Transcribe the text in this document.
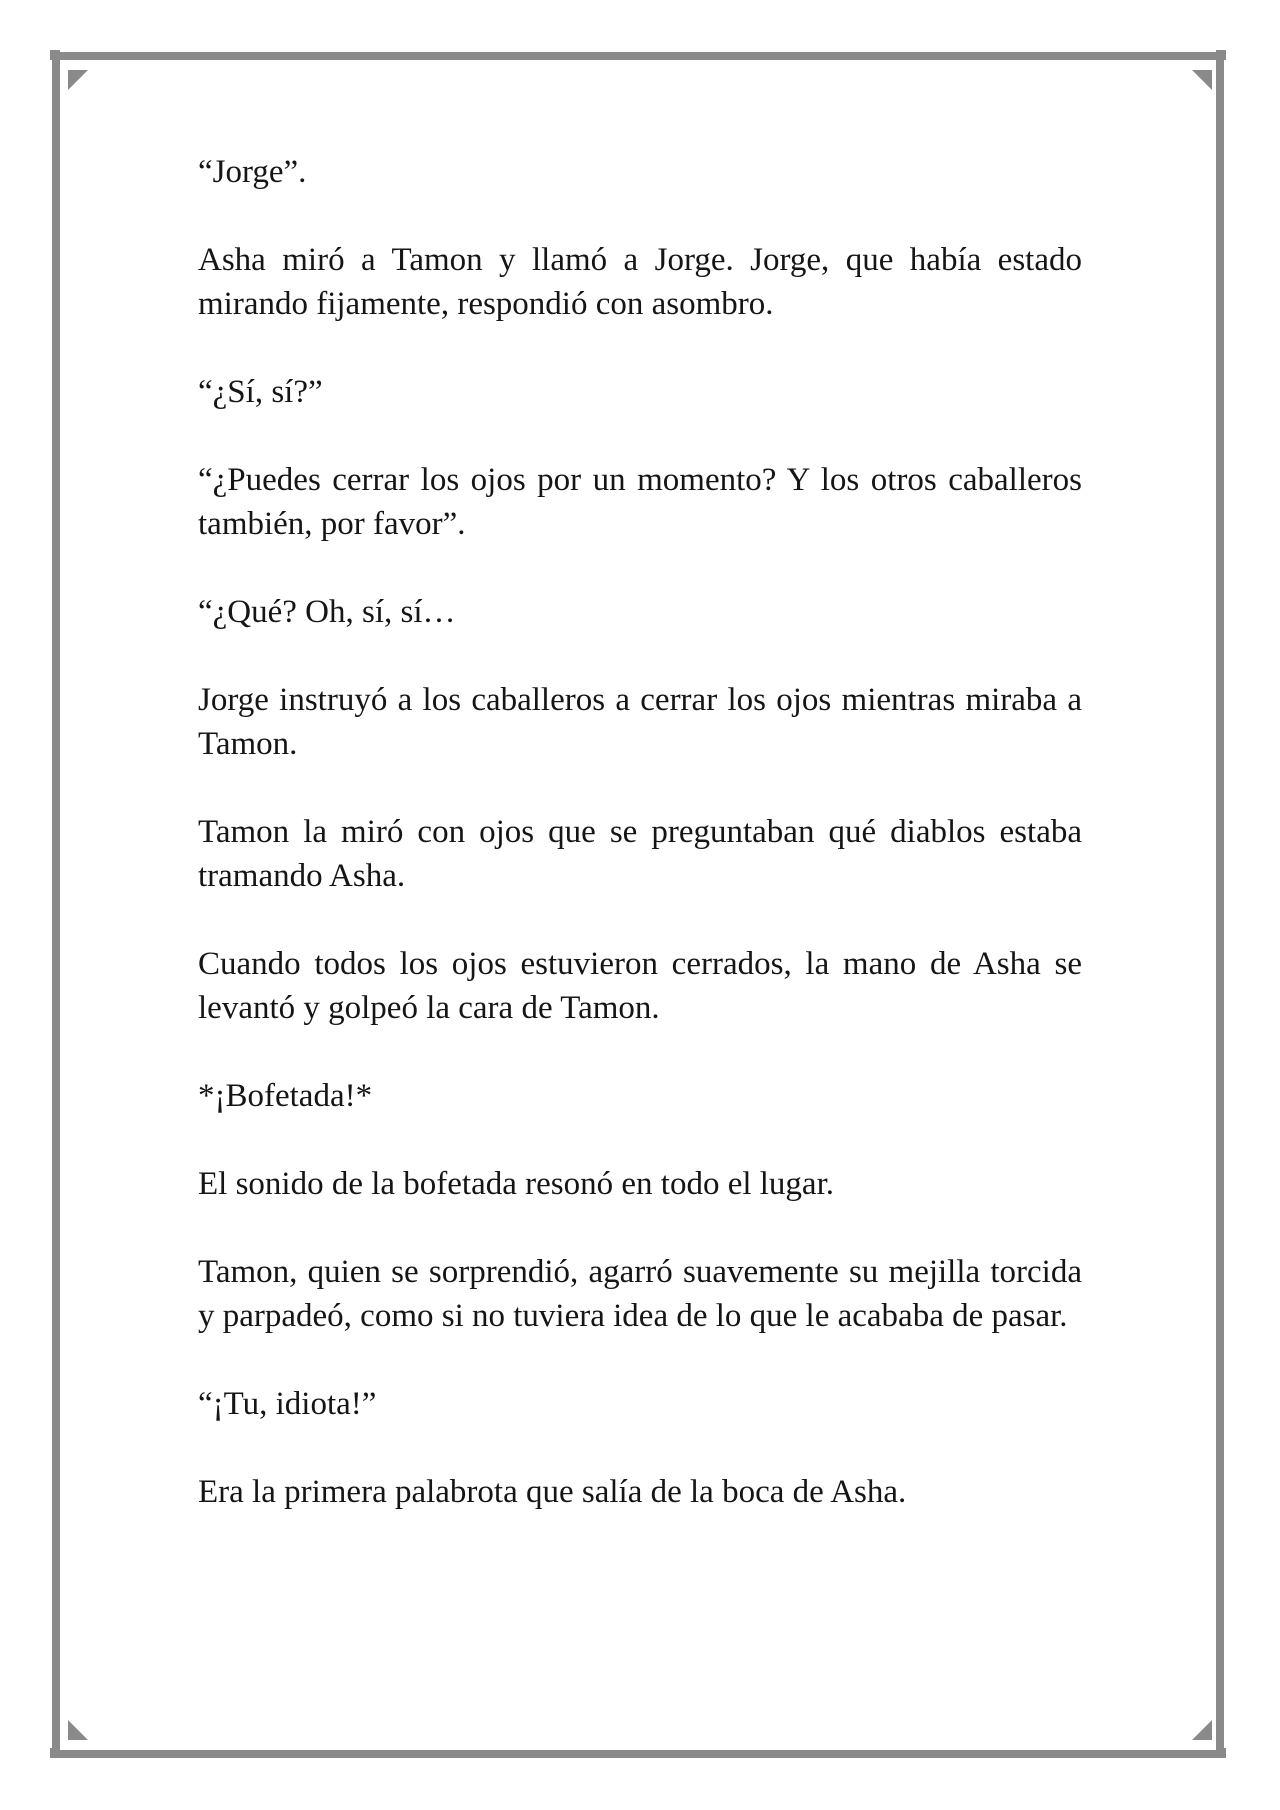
“Jorge”.

Asha miró a Tamon y llamó a Jorge. Jorge, que había estado mirando fijamente, respondió con asombro.

“¿Sí, sí?”

“¿Puedes cerrar los ojos por un momento? Y los otros caballeros también, por favor”.

“¿Qué? Oh, sí, sí…

Jorge instruyó a los caballeros a cerrar los ojos mientras miraba a Tamon.

Tamon la miró con ojos que se preguntaban qué diablos estaba tramando Asha.

Cuando todos los ojos estuvieron cerrados, la mano de Asha se levantó y golpeó la cara de Tamon.

*¡Bofetada!*

El sonido de la bofetada resonó en todo el lugar.

Tamon, quien se sorprendió, agarró suavemente su mejilla torcida y parpadeó, como si no tuviera idea de lo que le acababa de pasar.

“¡Tu, idiota!”

Era la primera palabrota que salía de la boca de Asha.
